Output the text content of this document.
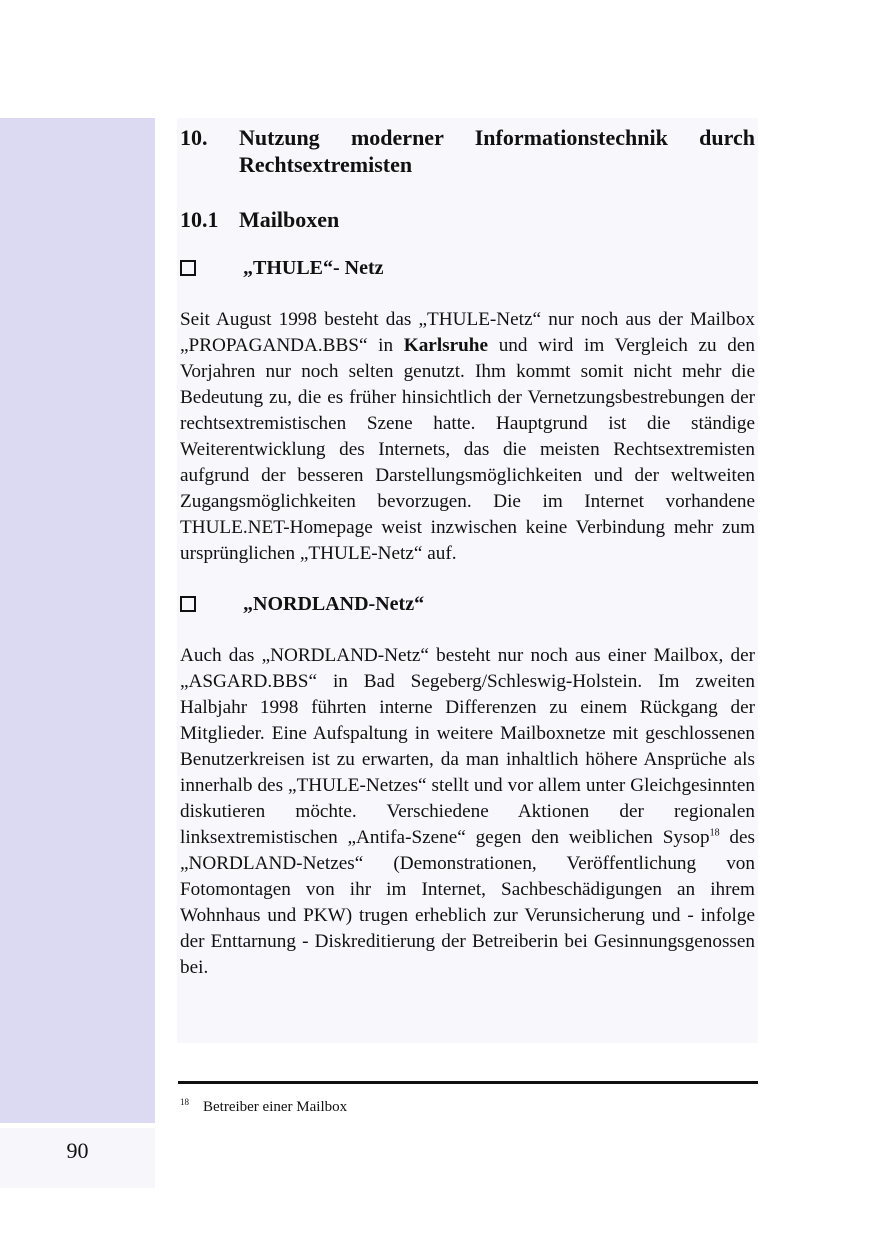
90
10.	Nutzung moderner Informationstechnik durch Rechtsextremisten
10.1 Mailboxen
„THULE“- Netz

Seit August 1998 besteht das „THULE-Netz“ nur noch aus der Mailbox „PROPAGANDA.BBS“ in Karlsruhe und wird im Vergleich zu den Vorjahren nur noch selten genutzt. Ihm kommt somit nicht mehr die Bedeutung zu, die es früher hinsichtlich der Vernetzungsbestrebungen der rechtsextremistischen Szene hatte. Hauptgrund ist die ständige Weiterentwicklung des Internets, das die meisten Rechtsextremisten aufgrund der besseren Darstellungsmöglichkeiten und der weltweiten Zugangsmöglichkeiten bevorzugen. Die im Internet vorhandene THULE.NET-Homepage weist inzwischen keine Verbindung mehr zum ursprünglichen „THULE-Netz“ auf.

„NORDLAND-Netz“

Auch das „NORDLAND-Netz“ besteht nur noch aus einer Mailbox, der „ASGARD.BBS“ in Bad Segeberg/Schleswig-Holstein. Im zweiten Halbjahr 1998 führten interne Differenzen zu einem Rückgang der Mitglieder. Eine Aufspaltung in weitere Mailboxnetze mit geschlossenen Benutzerkreisen ist zu erwarten, da man inhaltlich höhere Ansprüche als innerhalb des „THULE-Netzes“ stellt und vor allem unter Gleichgesinnten diskutieren möchte. Verschiedene Aktionen der regionalen linksextremistischen „Antifa-Szene“ gegen den weiblichen Sysop$^{18}$ des „NORDLAND-Netzes“ (Demonstrationen, Veröffentlichung von Fotomontagen von ihr im Internet, Sachbeschädigungen an ihrem Wohnhaus und PKW) trugen erheblich zur Verunsicherung und - infolge der Enttarnung - Diskreditierung der Betreiberin bei Gesinnungsgenossen bei.

$^{18}$ Betreiber einer Mailbox
